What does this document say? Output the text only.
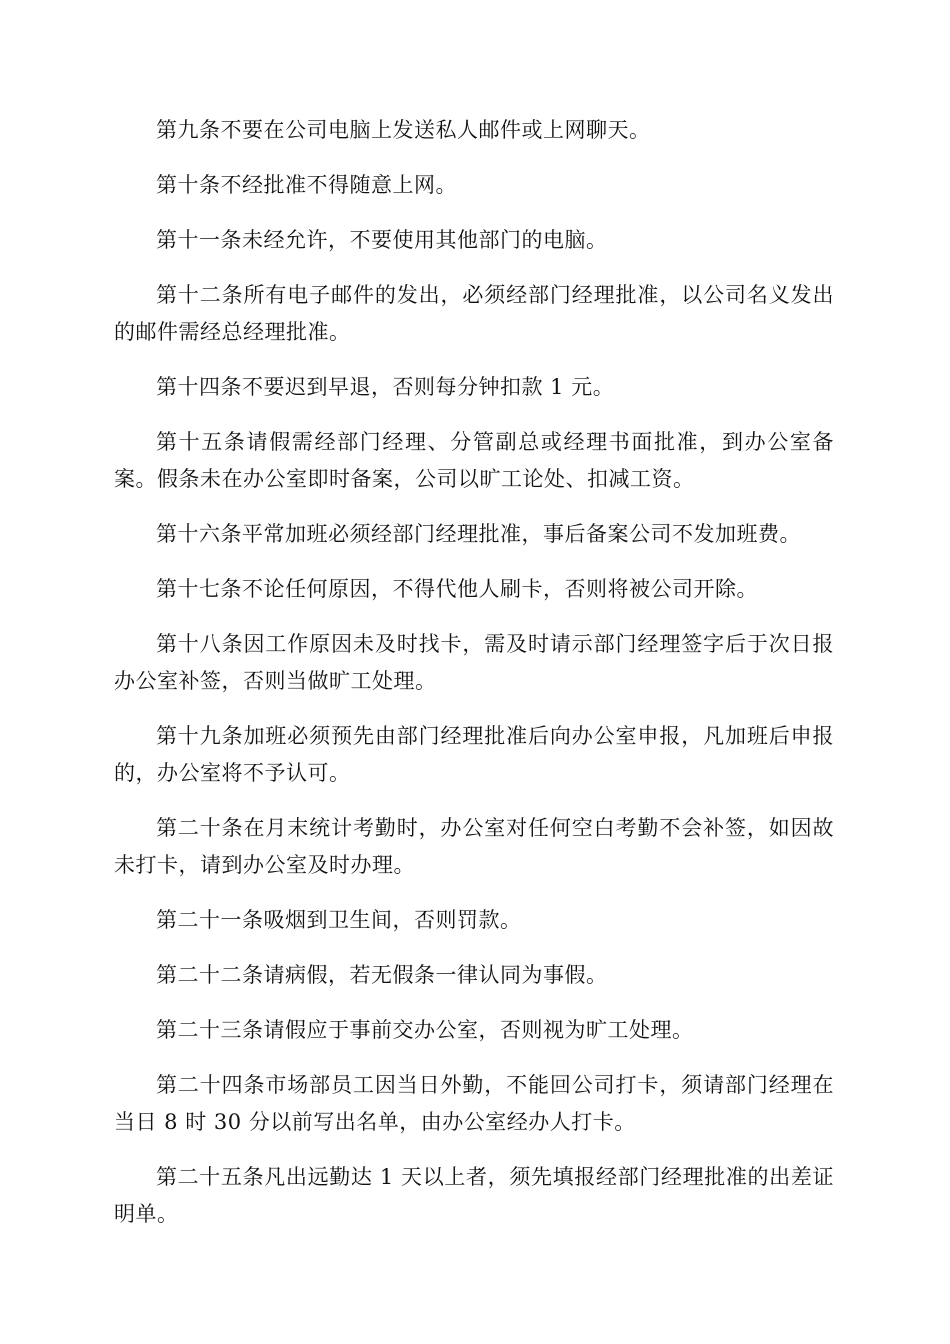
第九条不要在公司电脑上发送私人邮件或上网聊天。

第十条不经批准不得随意上网。

第十一条未经允许，不要使用其他部门的电脑。

第十二条所有电子邮件的发出，必须经部门经理批准，以公司名义发出的邮件需经总经理批准。

第十四条不要迟到早退，否则每分钟扣款 1 元。

第十五条请假需经部门经理、分管副总或经理书面批准，到办公室备案。假条未在办公室即时备案，公司以旷工论处、扣减工资。

第十六条平常加班必须经部门经理批准，事后备案公司不发加班费。

第十七条不论任何原因，不得代他人刷卡，否则将被公司开除。

第十八条因工作原因未及时找卡，需及时请示部门经理签字后于次日报办公室补签，否则当做旷工处理。

第十九条加班必须预先由部门经理批准后向办公室申报，凡加班后申报的，办公室将不予认可。

第二十条在月末统计考勤时，办公室对任何空白考勤不会补签，如因故未打卡，请到办公室及时办理。

第二十一条吸烟到卫生间，否则罚款。

第二十二条请病假，若无假条一律认同为事假。

第二十三条请假应于事前交办公室，否则视为旷工处理。

第二十四条市场部员工因当日外勤，不能回公司打卡，须请部门经理在当日 8 时 30 分以前写出名单，由办公室经办人打卡。

第二十五条凡出远勤达 1 天以上者，须先填报经部门经理批准的出差证明单。
